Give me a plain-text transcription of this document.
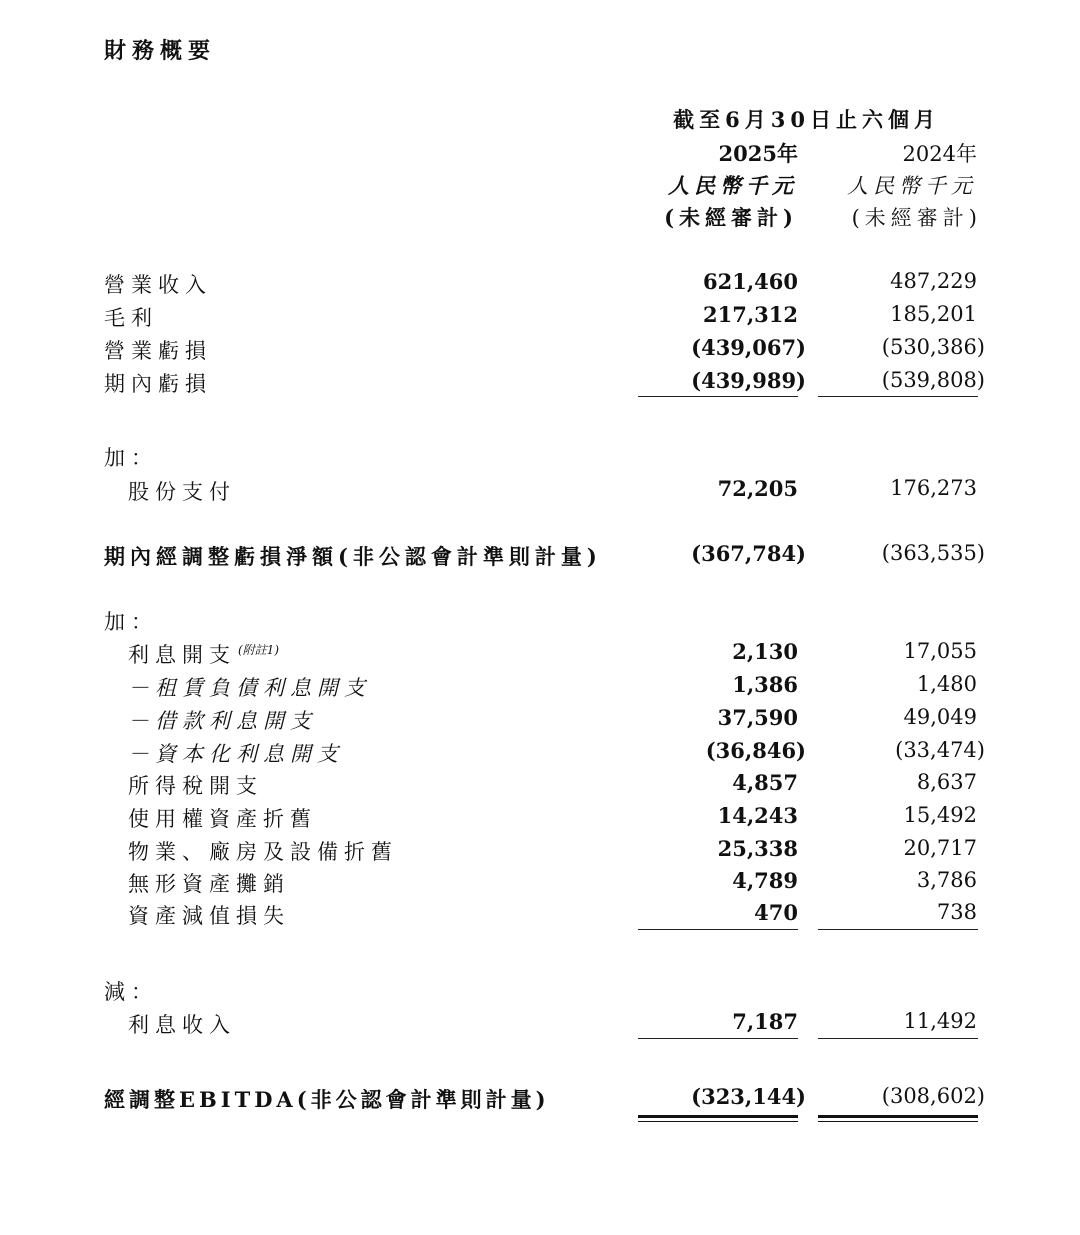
財務概要
截至6月30日止六個月
2025年	2024年
人民幣千元 人民幣千元
(未經審計)	(未經審計)
營業收入	621,460	487,229
毛利	217,312	185,201
營業虧損	(439,067)	(530,386)
期內虧損	(439,989)	(539,808)
加：
股份支付	72,205	176,273
期內經調整虧損淨額(非公認會計準則計量)	(367,784)	(363,535)
加：
利息開支 $^{(附註1)}$	2,130	17,055
－租賃負債利息開支	1,386	1,480
－借款利息開支	37,590	49,049
－資本化利息開支	(36,846)	(33,474)
所得稅開支	4,857	8,637
使用權資產折舊	14,243	15,492
物業、廠房及設備折舊	25,338	20,717
無形資產攤銷	4,789	3,786
資產減值損失	470	738
減：
利息收入	7,187	11,492
經調整EBITDA(非公認會計準則計量)	(323,144)	(308,602)
